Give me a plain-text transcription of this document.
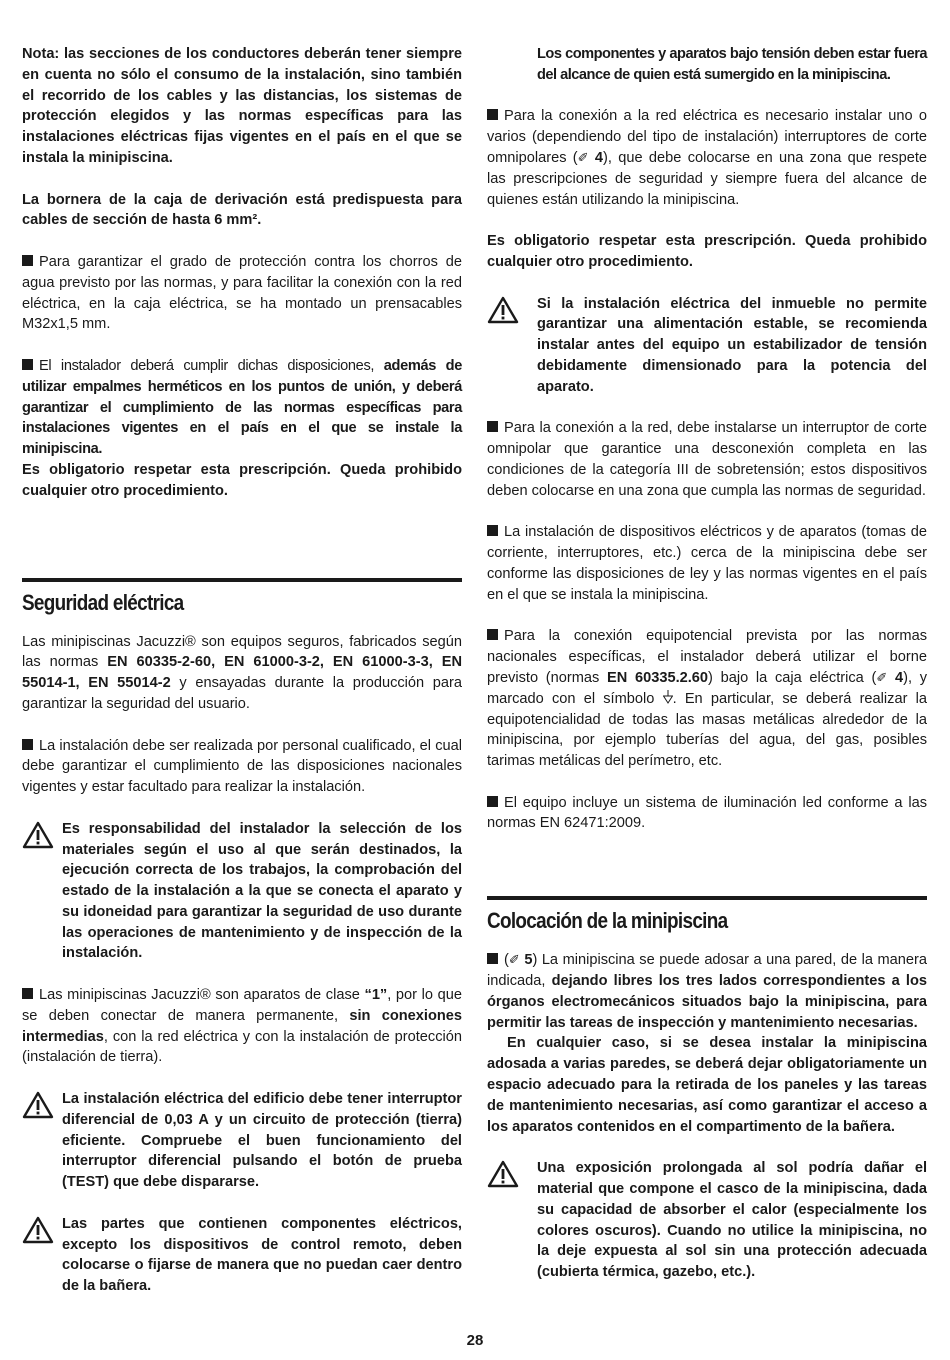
Nota: las secciones de los conductores deberán tener siempre en cuenta no sólo el consumo de la instalación, sino también el recorrido de los cables y las distancias, los sistemas de protección elegidos y las normas específicas para las instalaciones eléctricas fijas vigentes en el país en el que se instala la minipiscina.

La bornera de la caja de derivación está predispuesta para cables de sección de hasta 6 mm².

Para garantizar el grado de protección contra los chorros de agua previsto por las normas, y para facilitar la conexión con la red eléctrica, en la caja eléctrica, se ha montado un prensacables M32x1,5 mm.

El instalador deberá cumplir dichas disposiciones, además de utilizar empalmes herméticos en los puntos de unión, y deberá garantizar el cumplimiento de las normas específicas para instalaciones vigentes en el país en el que se instale la minipiscina.

Es obligatorio respetar esta prescripción. Queda prohibido cualquier otro procedimiento.

Seguridad eléctrica

Las minipiscinas Jacuzzi® son equipos seguros, fabricados según las normas EN 60335-2-60, EN 61000-3-2, EN 61000-3-3, EN 55014-1, EN 55014-2 y ensayadas durante la producción para garantizar la seguridad del usuario.

La instalación debe ser realizada por personal cualificado, el cual debe garantizar el cumplimiento de las disposiciones nacionales vigentes y estar facultado para realizar la instalación.

Es responsabilidad del instalador la selección de los materiales según el uso al que serán destinados, la ejecución correcta de los trabajos, la comprobación del estado de la instalación a la que se conecta el aparato y su idoneidad para garantizar la seguridad de uso durante las operaciones de mantenimiento y de inspección de la instalación.

Las minipiscinas Jacuzzi® son aparatos de clase “1”, por lo que se deben conectar de manera permanente, sin conexiones intermedias, con la red eléctrica y con la instalación de protección (instalación de tierra).

La instalación eléctrica del edificio debe tener interruptor diferencial de 0,03 A y un circuito de protección (tierra) eficiente. Compruebe el buen funcionamiento del interruptor diferencial pulsando el botón de prueba (TEST) que debe dispararse.
Las partes que contienen componentes eléctricos, excepto los dispositivos de control remoto, deben colocarse o fijarse de manera que no puedan caer dentro de la bañera.

Los componentes y aparatos bajo tensión deben estar fuera del alcance de quien está sumergido en la minipiscina.

Para la conexión a la red eléctrica es necesario instalar uno o varios (dependiendo del tipo de instalación) interruptores de corte omnipolares (✐ 4), que debe colocarse en una zona que respete las prescripciones de seguridad y siempre fuera del alcance de quienes están utilizando la minipiscina.

Es obligatorio respetar esta prescripción. Queda prohibido cualquier otro procedimiento.

Si la instalación eléctrica del inmueble no permite garantizar una alimentación estable, se recomienda instalar antes del equipo un estabilizador de tensión debidamente dimensionado para la potencia del aparato.

Para la conexión a la red, debe instalarse un interruptor de corte omnipolar que garantice una desconexión completa en las condiciones de la categoría III de sobretensión; estos dispositivos deben colocarse en una zona que cumpla las normas de seguridad.

La instalación de dispositivos eléctricos y de aparatos (tomas de corriente, interruptores, etc.) cerca de la minipiscina debe ser conforme las disposiciones de ley y las normas vigentes en el país en el que se instala la minipiscina.

Para la conexión equipotencial prevista por las normas nacionales específicas, el instalador deberá utilizar el borne previsto (normas EN 60335.2.60) bajo la caja eléctrica (✐ 4), y marcado con el símbolo . En particular, se deberá realizar la equipotencialidad de todas las masas metálicas alrededor de la minipiscina, por ejemplo tuberías del agua, del gas, posibles tarimas metálicas del perímetro, etc.

El equipo incluye un sistema de iluminación led conforme a las normas EN 62471:2009.

Colocación de la minipiscina

(✐ 5) La minipiscina se puede adosar a una pared, de la manera indicada, dejando libres los tres lados correspondientes a los órganos electromecánicos situados bajo la minipiscina, para permitir las tareas de inspección y mantenimiento necesarias.

En cualquier caso, si se desea instalar la minipiscina adosada a varias paredes, se deberá dejar obligatoriamente un espacio adecuado para la retirada de los paneles y las tareas de mantenimiento necesarias, así como garantizar el acceso a los aparatos contenidos en el compartimento de la bañera.

Una exposición prolongada al sol podría dañar el material que compone el casco de la minipiscina, dada su capacidad de absorber el calor (especialmente los colores oscuros). Cuando no utilice la minipiscina, no la deje expuesta al sol sin una protección adecuada (cubierta térmica, gazebo, etc.).
28
